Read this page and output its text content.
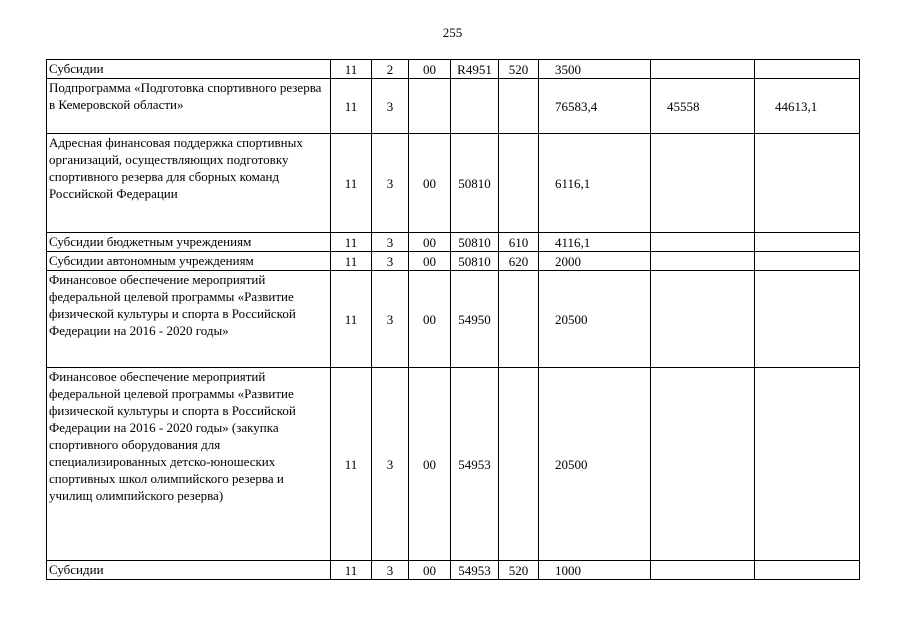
255
Субсидии	11	2	00	R4951	520	3500		
Подпрограмма «Подготовка спортивного резерва в Кемеровской области»	11	3				76583,4	45558	44613,1
Адресная финансовая поддержка спортивных организаций, осуществляющих подготовку спортивного резерва для сборных команд Российской Федерации	11	3	00	50810		6116,1		
Субсидии бюджетным учреждениям	11	3	00	50810	610	4116,1		
Субсидии автономным учреждениям	11	3	00	50810	620	2000		
Финансовое обеспечение мероприятий федеральной целевой программы «Развитие физической культуры и спорта в Российской Федерации на 2016 - 2020 годы»	11	3	00	54950		20500		
Финансовое обеспечение мероприятий федеральной целевой программы «Развитие физической культуры и спорта в Российской Федерации на 2016 - 2020 годы» (закупка спортивного оборудования для специализированных детско-юношеских спортивных школ олимпийского резерва и училищ олимпийского резерва)	11	3	00	54953		20500		
Субсидии	11	3	00	54953	520	1000		
